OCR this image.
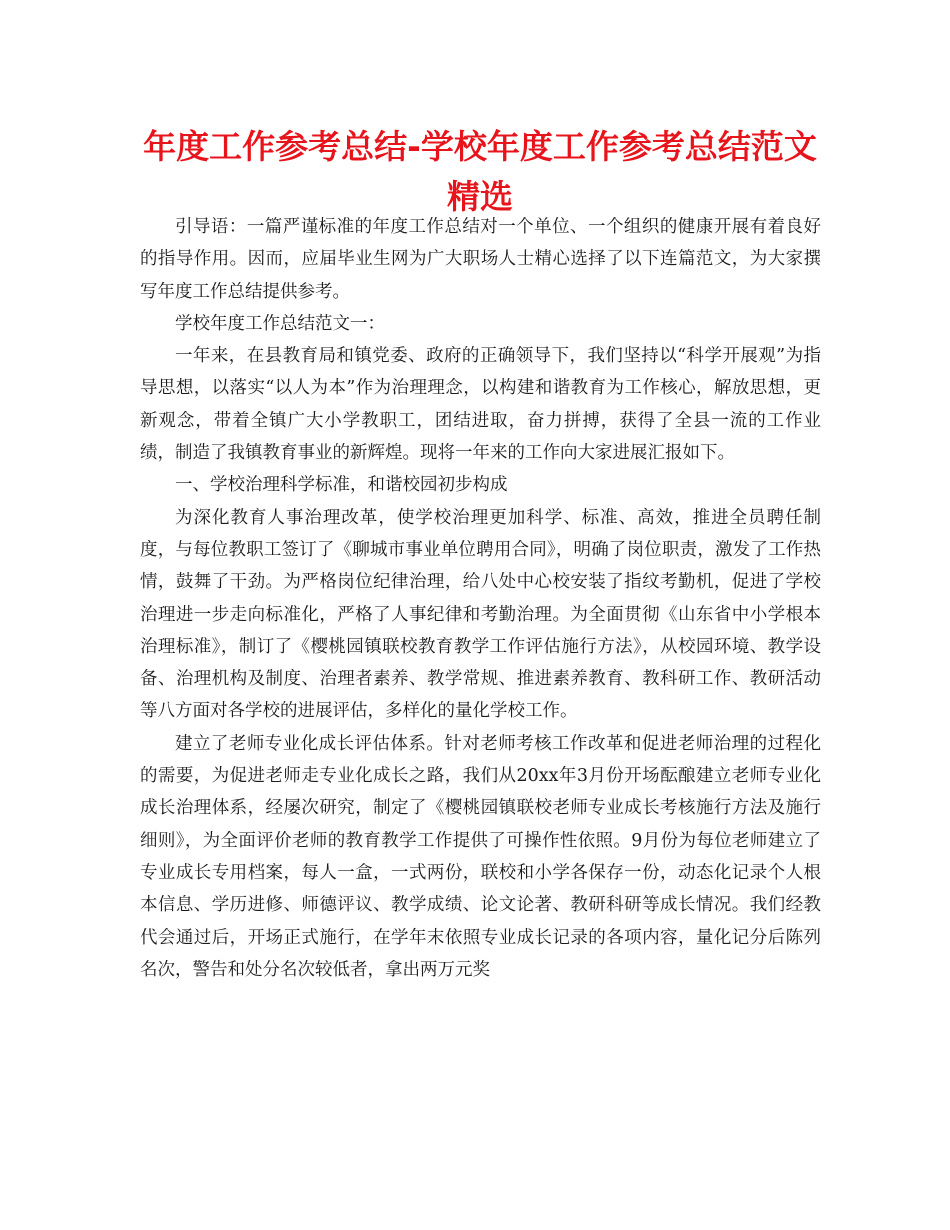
年度工作参考总结-学校年度工作参考总结范文精选

引导语：一篇严谨标准的年度工作总结对一个单位、一个组织的健康开展有着良好的指导作用。因而，应届毕业生网为广大职场人士精心选择了以下连篇范文，为大家撰写年度工作总结提供参考。

学校年度工作总结范文一：

一年来，在县教育局和镇党委、政府的正确领导下，我们坚持以“科学开展观”为指导思想，以落实“以人为本”作为治理理念，以构建和谐教育为工作核心，解放思想，更新观念，带着全镇广大小学教职工，团结进取，奋力拼搏，获得了全县一流的工作业绩，制造了我镇教育事业的新辉煌。现将一年来的工作向大家进展汇报如下。

一、学校治理科学标准，和谐校园初步构成

为深化教育人事治理改革，使学校治理更加科学、标准、高效，推进全员聘任制度，与每位教职工签订了《聊城市事业单位聘用合同》，明确了岗位职责，激发了工作热情，鼓舞了干劲。为严格岗位纪律治理，给八处中心校安装了指纹考勤机，促进了学校治理进一步走向标准化，严格了人事纪律和考勤治理。为全面贯彻《山东省中小学根本治理标准》，制订了《樱桃园镇联校教育教学工作评估施行方法》，从校园环境、教学设备、治理机构及制度、治理者素养、教学常规、推进素养教育、教科研工作、教研活动等八方面对各学校的进展评估，多样化的量化学校工作。

建立了老师专业化成长评估体系。针对老师考核工作改革和促进老师治理的过程化的需要，为促进老师走专业化成长之路，我们从20xx年3月份开场酝酿建立老师专业化成长治理体系，经屡次研究，制定了《樱桃园镇联校老师专业成长考核施行方法及施行细则》，为全面评价老师的教育教学工作提供了可操作性依照。9月份为每位老师建立了专业成长专用档案，每人一盒，一式两份，联校和小学各保存一份，动态化记录个人根本信息、学历进修、师德评议、教学成绩、论文论著、教研科研等成长情况。我们经教代会通过后，开场正式施行，在学年末依照专业成长记录的各项内容，量化记分后陈列名次，警告和处分名次较低者，拿出两万元奖
